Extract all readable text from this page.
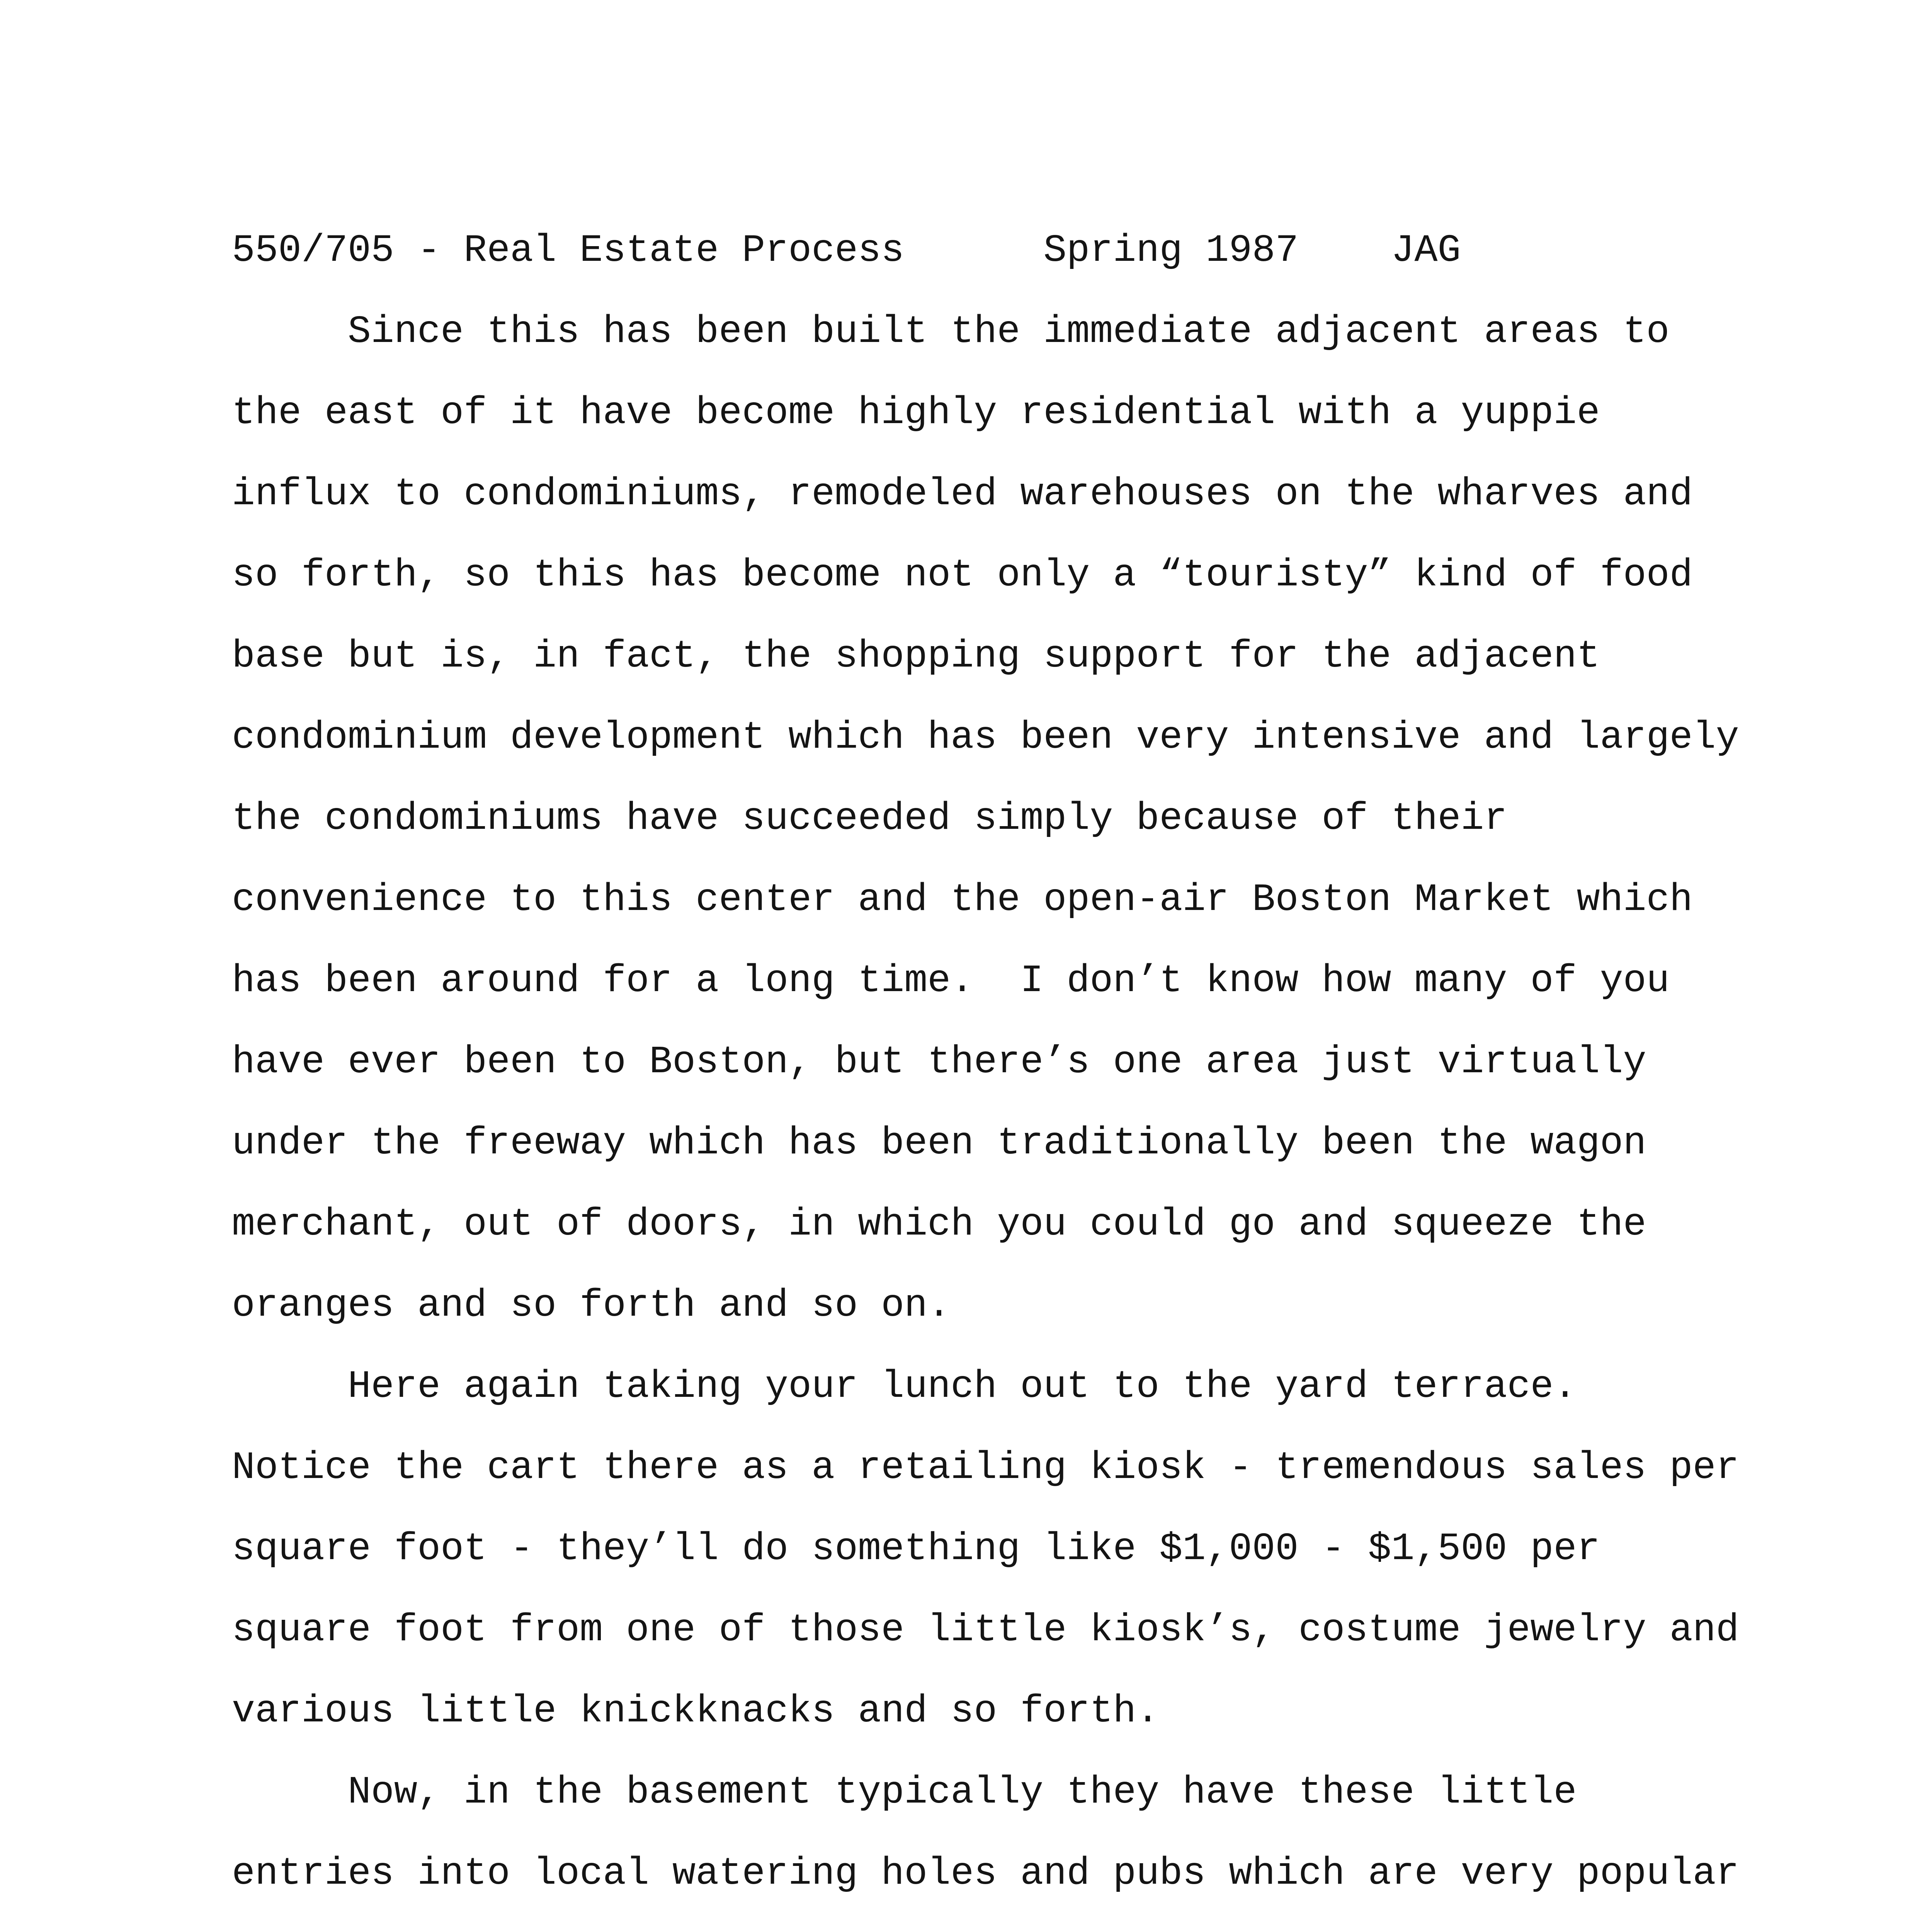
550/705 - Real Estate Process      Spring 1987    JAG
Since this has been built the immediate adjacent areas to
the east of it have become highly residential with a yuppie
influx to condominiums, remodeled warehouses on the wharves and
so forth, so this has become not only a “touristy” kind of food
base but is, in fact, the shopping support for the adjacent
condominium development which has been very intensive and largely
the condominiums have succeeded simply because of their
convenience to this center and the open-air Boston Market which
has been around for a long time.  I don’t know how many of you
have ever been to Boston, but there’s one area just virtually
under the freeway which has been traditionally been the wagon
merchant, out of doors, in which you could go and squeeze the
oranges and so forth and so on.
Here again taking your lunch out to the yard terrace.
Notice the cart there as a retailing kiosk - tremendous sales per
square foot - they’ll do something like $1,000 - $1,500 per
square foot from one of those little kiosk’s, costume jewelry and
various little knickknacks and so forth.
Now, in the basement typically they have these little
entries into local watering holes and pubs which are very popular
